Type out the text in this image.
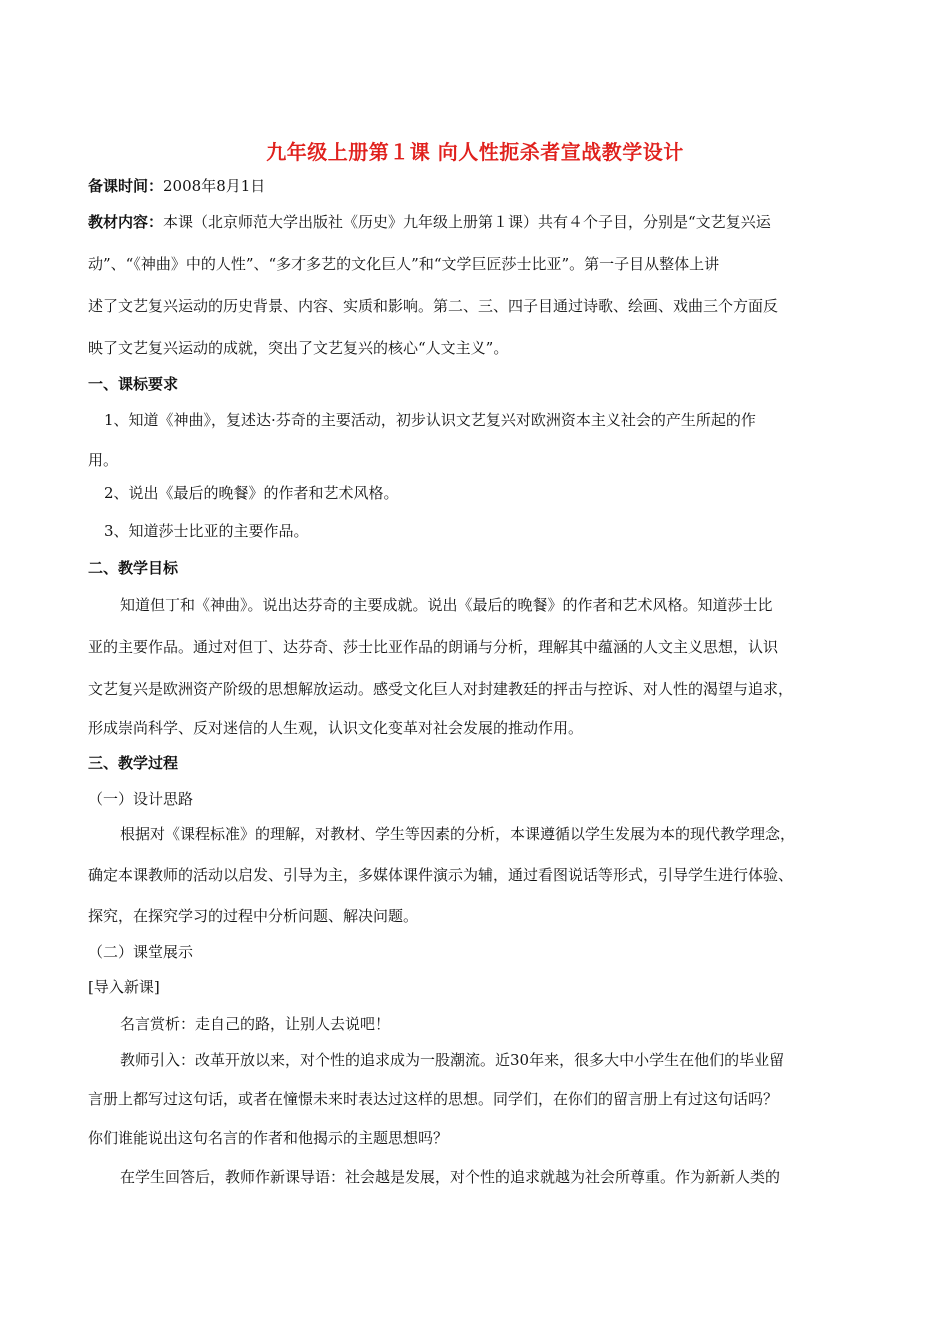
九年级上册第１课 向人性扼杀者宣战教学设计
备课时间：2008年8月1日
教材内容：本课（北京师范大学出版社《历史》九年级上册第１课）共有４个子目，分别是“文艺复兴运
动”、“《神曲》中的人性”、“多才多艺的文化巨人”和“文学巨匠莎士比亚”。第一子目从整体上讲
述了文艺复兴运动的历史背景、内容、实质和影响。第二、三、四子目通过诗歌、绘画、戏曲三个方面反
映了文艺复兴运动的成就，突出了文艺复兴的核心“人文主义”。
一、课标要求
1、知道《神曲》，复述达·芬奇的主要活动，初步认识文艺复兴对欧洲资本主义社会的产生所起的作
用。
2、说出《最后的晚餐》的作者和艺术风格。
3、知道莎士比亚的主要作品。
二、教学目标
知道但丁和《神曲》。说出达芬奇的主要成就。说出《最后的晚餐》的作者和艺术风格。知道莎士比
亚的主要作品。通过对但丁、达芬奇、莎士比亚作品的朗诵与分析，理解其中蕴涵的人文主义思想，认识
文艺复兴是欧洲资产阶级的思想解放运动。感受文化巨人对封建教廷的抨击与控诉、对人性的渴望与追求，
形成崇尚科学、反对迷信的人生观，认识文化变革对社会发展的推动作用。
三、教学过程
（一）设计思路
根据对《课程标准》的理解，对教材、学生等因素的分析，本课遵循以学生发展为本的现代教学理念，
确定本课教师的活动以启发、引导为主，多媒体课件演示为辅，通过看图说话等形式，引导学生进行体验、
探究，在探究学习的过程中分析问题、解决问题。
（二）课堂展示
[导入新课]
名言赏析：走自己的路，让别人去说吧！
教师引入：改革开放以来，对个性的追求成为一股潮流。近30年来，很多大中小学生在他们的毕业留
言册上都写过这句话，或者在憧憬未来时表达过这样的思想。同学们，在你们的留言册上有过这句话吗？
你们谁能说出这句名言的作者和他揭示的主题思想吗？
在学生回答后，教师作新课导语：社会越是发展，对个性的追求就越为社会所尊重。作为新新人类的
